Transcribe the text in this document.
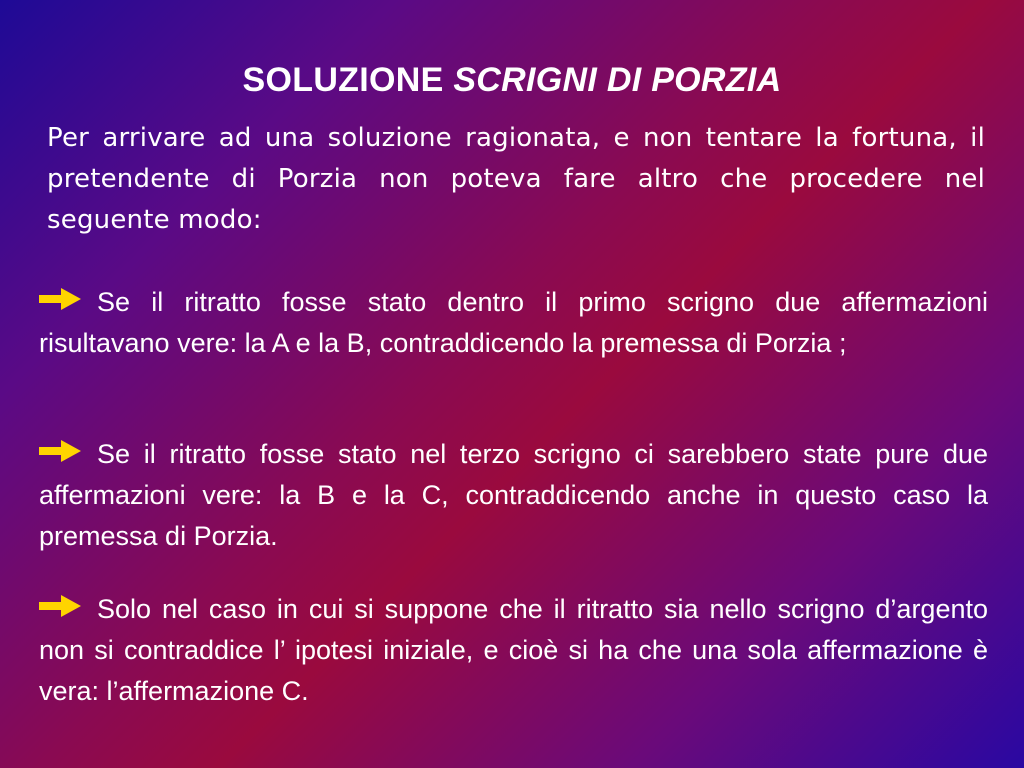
SOLUZIONE SCRIGNI DI PORZIA
Per arrivare ad una soluzione ragionata, e non tentare la fortuna, il pretendente di Porzia non poteva fare altro che procedere nel seguente modo:
Se il ritratto fosse stato dentro il primo scrigno due affermazioni risultavano vere: la A e la B, contraddicendo la premessa di Porzia ;
Se il ritratto fosse stato nel terzo scrigno ci sarebbero state pure due affermazioni vere: la B e la C, contraddicendo anche in questo caso la premessa di Porzia.
Solo nel caso in cui si suppone che il ritratto sia nello scrigno d’argento non si contraddice l’ ipotesi iniziale, e cioè si ha che una sola affermazione è vera: l’affermazione C.
